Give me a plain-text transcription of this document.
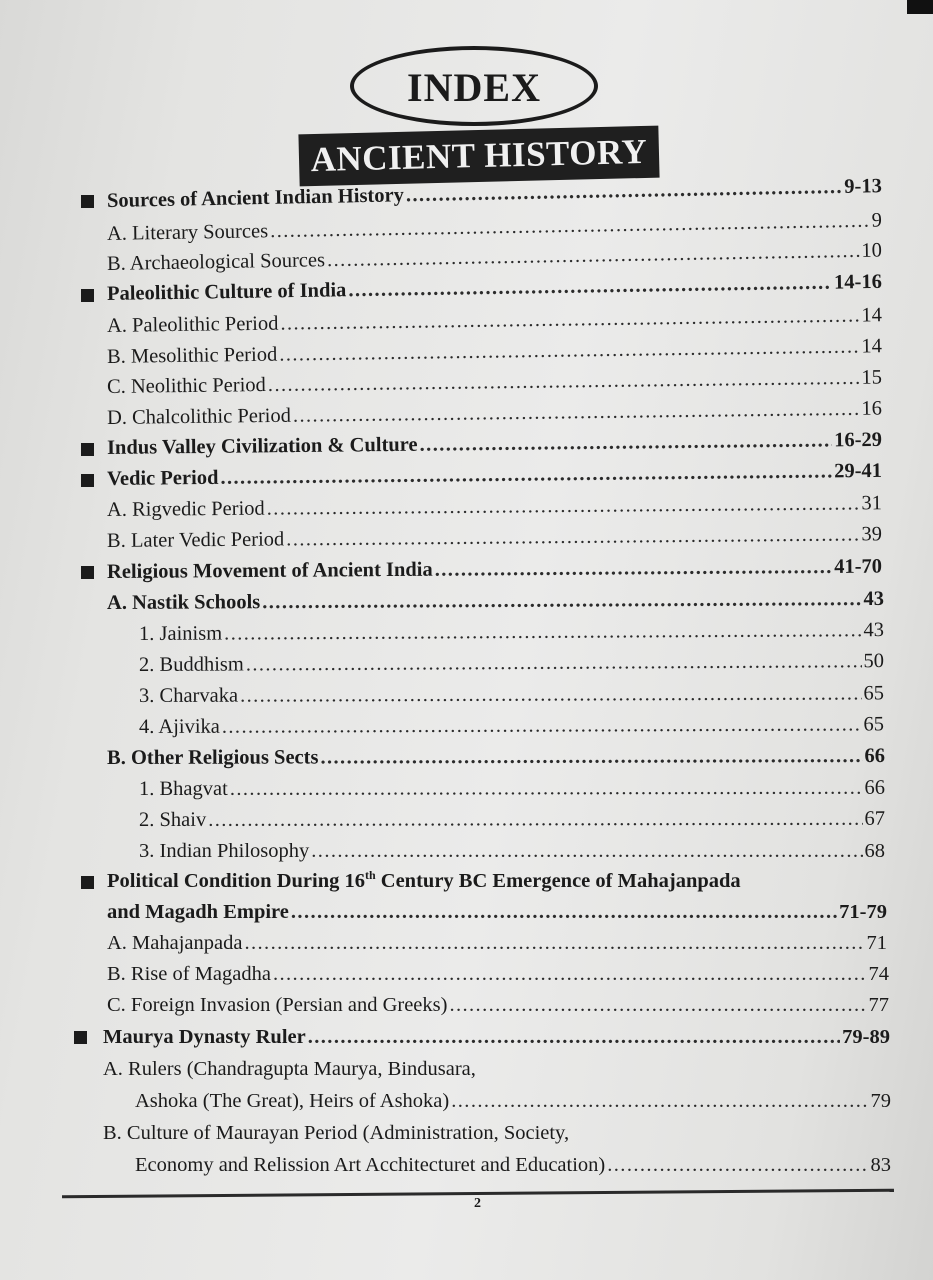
INDEX
ANCIENT HISTORY
Sources of Ancient Indian History .....	9-13
A. Literary Sources .....	9
B. Archaeological Sources .....	10
Paleolithic Culture of India .....	14-16
A. Paleolithic Period .....	14
B. Mesolithic Period .....	14
C. Neolithic Period .....	15
D. Chalcolithic Period .....	16
Indus Valley Civilization & Culture .....	16-29
Vedic Period .....	29-41
A. Rigvedic Period .....	31
B. Later Vedic Period .....	39
Religious Movement of Ancient India .....	41-70
A. Nastik Schools .....	43
1. Jainism .....	43
2. Buddhism .....	50
3. Charvaka .....	65
4. Ajivika .....	65
B. Other Religious Sects .....	66
1. Bhagvat .....	66
2. Shaiv .....	67
3. Indian Philosophy .....	68
Political Condition During 16th Century BC Emergence of Mahajanpada
and Magadh Empire .....	71-79
A. Mahajanpada .....	71
B. Rise of Magadha .....	74
C. Foreign Invasion (Persian and Greeks) .....	77
Maurya Dynasty Ruler .....	79-89
A. Rulers (Chandragupta Maurya, Bindusara,
Ashoka (The Great), Heirs of Ashoka) .....	79
B. Culture of Maurayan Period (Administration, Society,
Economy and Relission Art Acchitecturet and Education) .....	83
2
